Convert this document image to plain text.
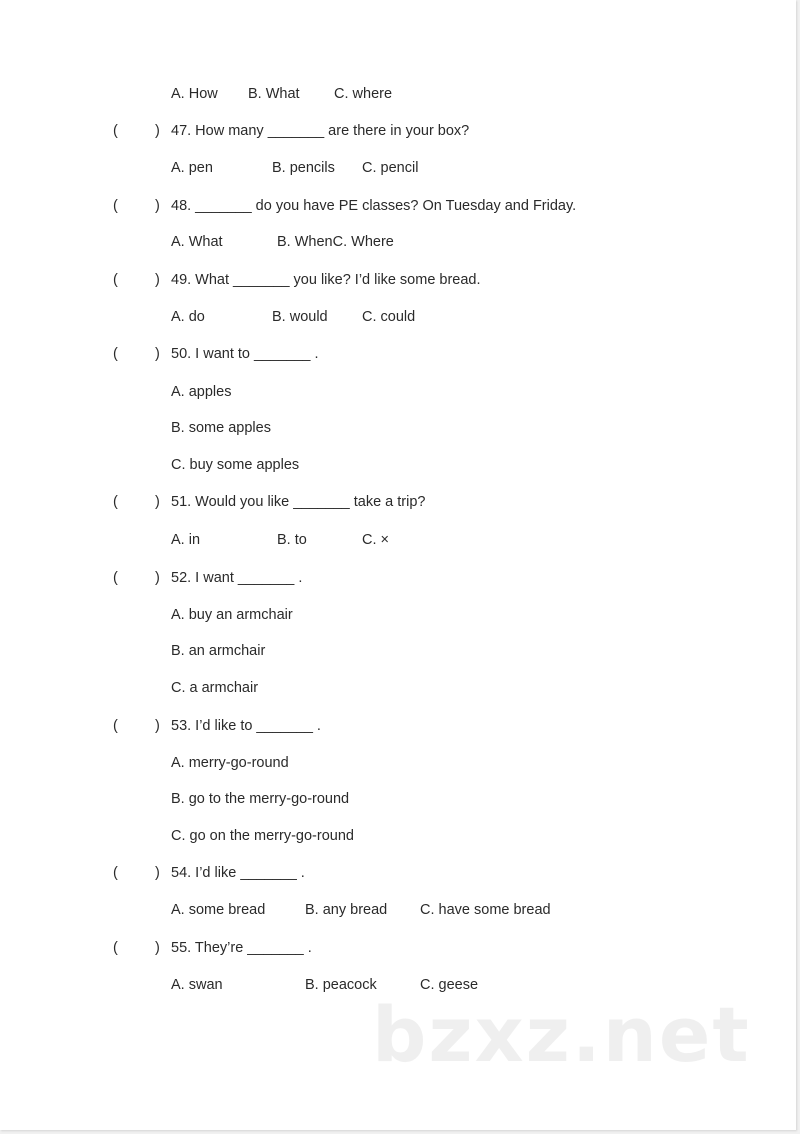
A. How B. What C. where
(	) 47. How many _______ are there in your box?
A. pen	B. pencils C. pencil
(	) 48. _______ do you have PE classes? On Tuesday and Friday.
A. What	B. WhenC. Where
(	) 49. What _______ you like? I’d like some bread.
A. do	B. would C. could
(	) 50. I want to _______ .
A. apples
B. some apples
C. buy some apples
(	) 51. Would you like _______ take a trip?
A. in	B. to	C. ×
(	) 52. I want _______ .
A. buy an armchair
B. an armchair
C. a armchair
(	) 53. I’d like to _______ .
A. merry-go-round
B. go to the merry-go-round
C. go on the merry-go-round
(	) 54. I’d like _______ .
A. some bread	B. any bread C. have some bread
(	) 55. They’re _______ .
A. swan	B. peacock	C. geese
bzxz.net
